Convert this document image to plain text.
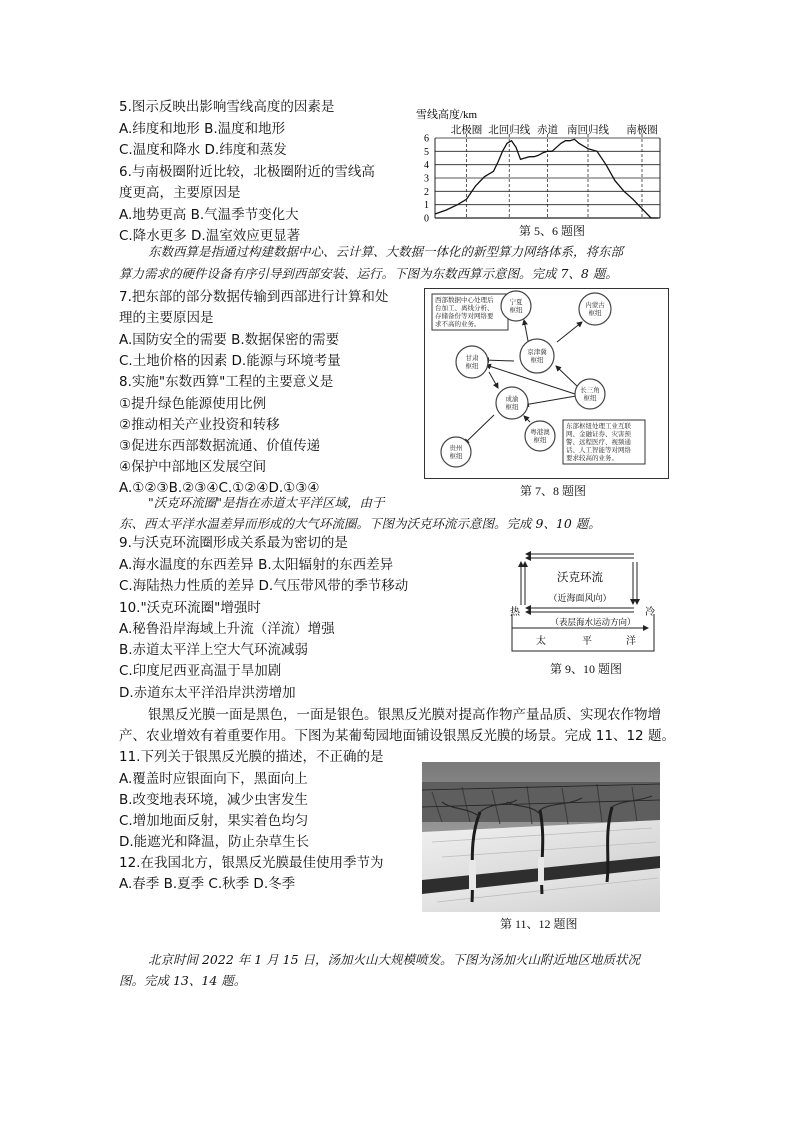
5.图示反映出影响雪线高度的因素是
A.纬度和地形 B.温度和地形
C.温度和降水 D.纬度和蒸发
6.与南极圈附近比较，北极圈附近的雪线高
度更高，主要原因是
A.地势更高 B.气温季节变化大
C.降水更多 D.温室效应更显著
雪线高度/km
北极圈 北回归线 赤道 南回归线 南极圈
0
1
2
3
4
5
6
第 5、6 题图
东数西算是指通过构建数据中心、云计算、大数据一体化的新型算力网络体系，将东部
算力需求的硬件设备有序引导到西部安装、运行。下图为东数西算示意图。完成 7、8 题。
7.把东部的部分数据传输到西部进行计算和处
理的主要原因是
A.国防安全的需要 B.数据保密的需要
C.土地价格的因素 D.能源与环境考量
8.实施"东数西算"工程的主要意义是
①提升绿色能源使用比例
②推动相关产业投资和转移
③促进东西部数据流通、价值传递
④保护中部地区发展空间
A.①②③B.②③④C.①②④D.①③④
西部数据中心处理后
台加工、离线分析、
存储备份等对网络要
求不高的业务。
东部枢纽处理工业互联
网、金融证券、灾害预
警、远程医疗、视频通
话、人工智能等对网络
要求较高的业务。
宁夏
枢纽
内蒙古
枢纽
京津冀
枢纽
甘肃
枢纽
长三角
枢纽
成渝
枢纽
粤港澳
枢纽
贵州
枢纽
第 7、8 题图
"沃克环流圈"是指在赤道太平洋区域，由于
东、西太平洋水温差异而形成的大气环流圈。下图为沃克环流示意图。完成 9、10 题。
9.与沃克环流圈形成关系最为密切的是
A.海水温度的东西差异 B.太阳辐射的东西差异
C.海陆热力性质的差异 D.气压带风带的季节移动
10."沃克环流圈"增强时
A.秘鲁沿岸海域上升流（洋流）增强
B.赤道太平洋上空大气环流减弱
C.印度尼西亚高温于旱加剧
D.赤道东太平洋沿岸洪涝增加
沃克环流
（近海面风向）
热	冷
（表层海水运动方向）
太	平	洋
第 9、10 题图
银黑反光膜一面是黑色，一面是银色。银黑反光膜对提高作物产量品质、实现农作物增
产、农业增效有着重要作用。下图为某葡萄园地面铺设银黑反光膜的场景。完成 11、12 题。
11.下列关于银黑反光膜的描述，不正确的是
A.覆盖时应银面向下，黑面向上
B.改变地表环境，减少虫害发生
C.增加地面反射，果实着色均匀
D.能遮光和降温，防止杂草生长
12.在我国北方，银黑反光膜最佳使用季节为
A.春季 B.夏季 C.秋季 D.冬季
第 11、12 题图
北京时间 2022 年 1 月 15 日，汤加火山大规模喷发。下图为汤加火山附近地区地质状况
图。完成 13、14 题。
